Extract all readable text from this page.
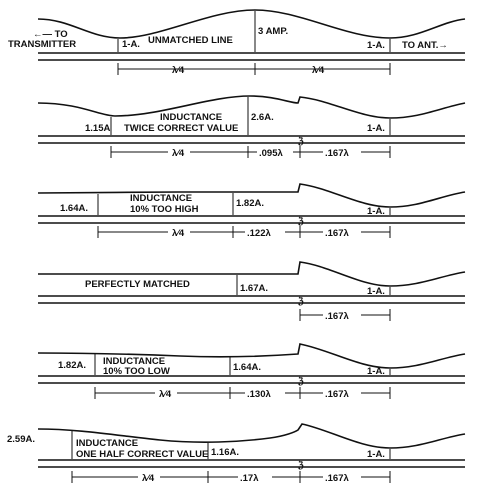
←— TO
TRANSMITTER	1-A. UNMATCHED LINE
3 AMP.
1-A. TO ANT.→
λ⁄4	λ⁄4
ℨ
1.15A
INDUCTANCE
TWICE CORRECT VALUE
2.6A.
1-A.
λ⁄4	.095λ	.167λ
ℨ
1.64A.
INDUCTANCE
10% TOO HIGH
1.82A.
1-A.
λ⁄4	.122λ	.167λ
ℨ
PERFECTLY MATCHED	1.67A.	1-A.
.167λ
ℨ
1.82A. INDUCTANCE
10% TOO LOW	1.64A.	1-A.
λ⁄4	.130λ	.167λ
ℨ
2.59A.	INDUCTANCE
ONE HALF CORRECT VALUE 1.16A.	1-A.
λ⁄4	.17λ	.167λ
